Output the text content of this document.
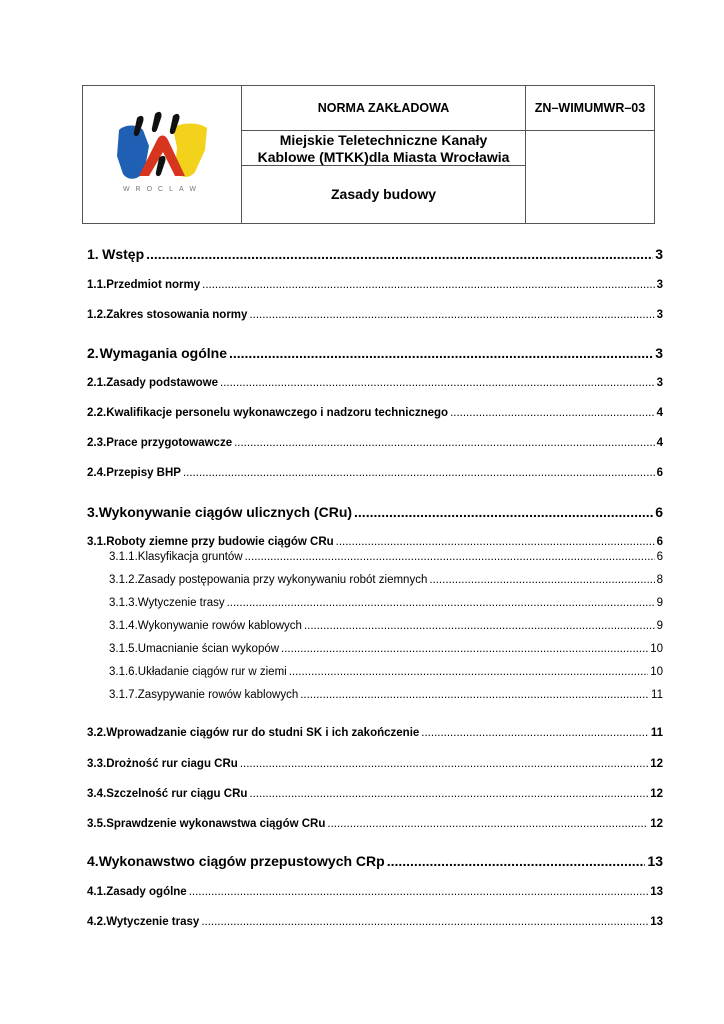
WROCLAW
NORMA ZAKŁADOWA
Miejskie Teletechniczne Kanały
Kablowe (MTKK)dla Miasta Wrocławia
Zasady budowy
ZN–WIMUMWR–03
1. Wstęp .....	3
1.1. Przedmiot normy .....	3
1.2. Zakres stosowania normy .....	3
2. Wymagania ogólne .....	3
2.1. Zasady podstawowe .....	3
2.2. Kwalifikacje personelu wykonawczego i nadzoru technicznego .....	4
2.3. Prace przygotowawcze .....	4
2.4. Przepisy BHP .....	6
3. Wykonywanie ciągów ulicznych (CRu) .....	6
3.1. Roboty ziemne przy budowie ciągów CRu .....	6
3.1.1. Klasyfikacja gruntów .....	6
3.1.2. Zasady postępowania przy wykonywaniu robót ziemnych .....	8
3.1.3. Wytyczenie trasy .....	9
3.1.4. Wykonywanie rowów kablowych .....	9
3.1.5. Umacnianie ścian wykopów .....	10
3.1.6. Układanie ciągów rur w ziemi .....	10
3.1.7. Zasypywanie rowów kablowych .....	11
3.2. Wprowadzanie ciągów rur do studni SK i ich zakończenie .....	11
3.3. Drożność rur ciagu CRu .....	12
3.4. Szczelność rur ciągu CRu .....	12
3.5. Sprawdzenie wykonawstwa ciągów CRu .....	12
4. Wykonawstwo ciągów przepustowych CRp .....	13
4.1. Zasady ogólne .....	13
4.2. Wytyczenie trasy .....	13
